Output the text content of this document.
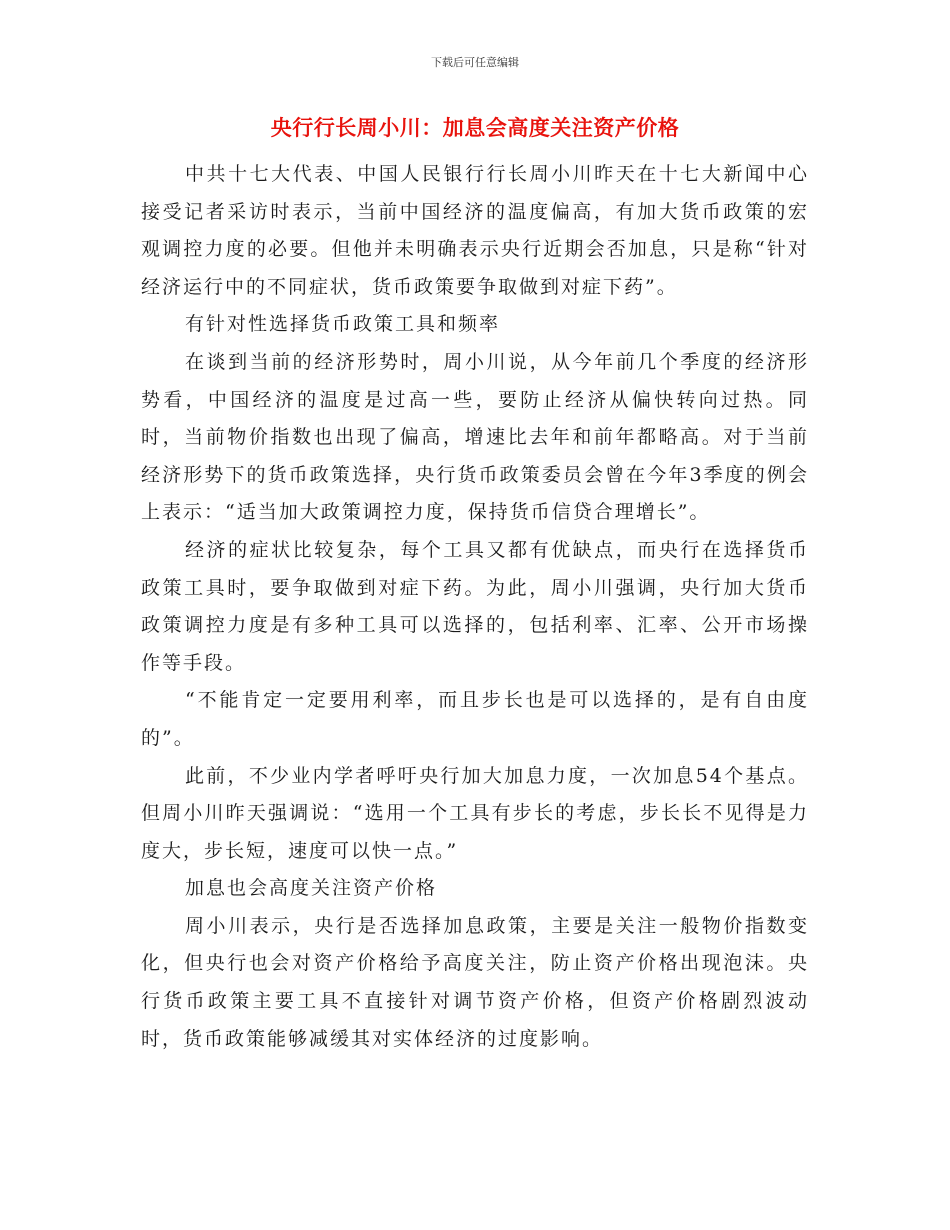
下载后可任意编辑
央行行长周小川：加息会高度关注资产价格

中共十七大代表、中国人民银行行长周小川昨天在十七大新闻中心接受记者采访时表示，当前中国经济的温度偏高，有加大货币政策的宏观调控力度的必要。但他并未明确表示央行近期会否加息，只是称“针对经济运行中的不同症状，货币政策要争取做到对症下药”。

有针对性选择货币政策工具和频率

在谈到当前的经济形势时，周小川说，从今年前几个季度的经济形势看，中国经济的温度是过高一些，要防止经济从偏快转向过热。同时，当前物价指数也出现了偏高，增速比去年和前年都略高。对于当前经济形势下的货币政策选择，央行货币政策委员会曾在今年3季度的例会上表示：“适当加大政策调控力度，保持货币信贷合理增长”。

经济的症状比较复杂，每个工具又都有优缺点，而央行在选择货币政策工具时，要争取做到对症下药。为此，周小川强调，央行加大货币政策调控力度是有多种工具可以选择的，包括利率、汇率、公开市场操作等手段。

“不能肯定一定要用利率，而且步长也是可以选择的，是有自由度的”。

此前，不少业内学者呼吁央行加大加息力度，一次加息54个基点。但周小川昨天强调说：“选用一个工具有步长的考虑，步长长不见得是力度大，步长短，速度可以快一点。”

加息也会高度关注资产价格

周小川表示，央行是否选择加息政策，主要是关注一般物价指数变化，但央行也会对资产价格给予高度关注，防止资产价格出现泡沫。央行货币政策主要工具不直接针对调节资产价格，但资产价格剧烈波动时，货币政策能够减缓其对实体经济的过度影响。
